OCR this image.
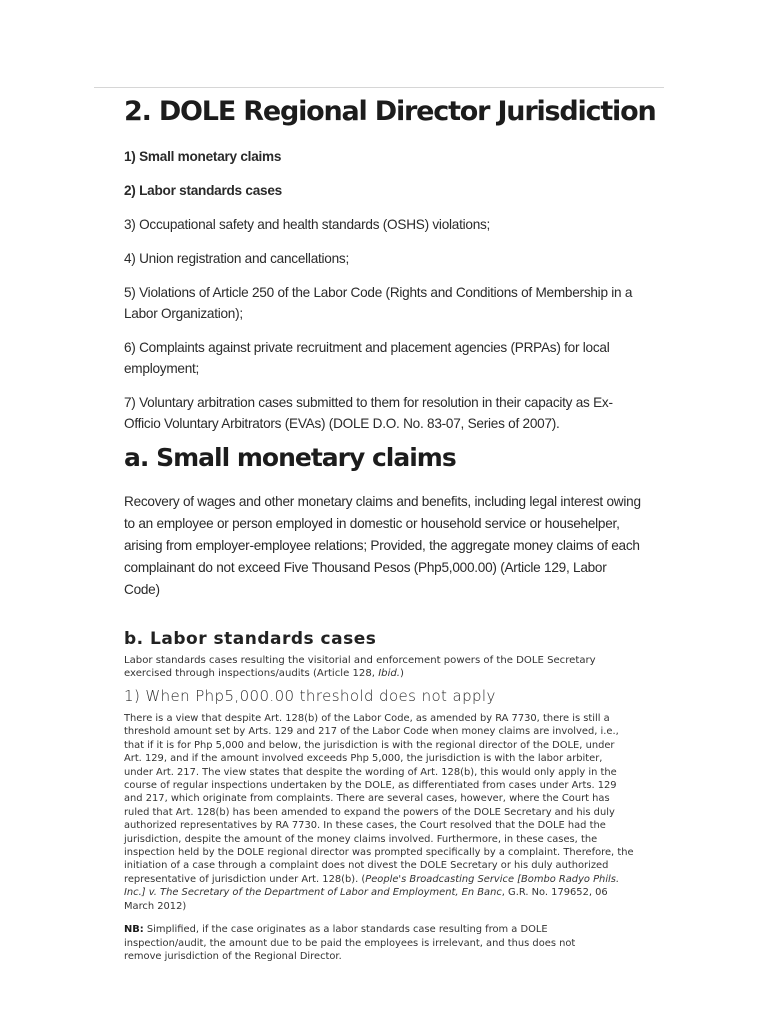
2. DOLE Regional Director Jurisdiction
1) Small monetary claims
2) Labor standards cases
3) Occupational safety and health standards (OSHS) violations;
4) Union registration and cancellations;
5) Violations of Article 250 of the Labor Code (Rights and Conditions of Membership in a Labor Organization);
6) Complaints against private recruitment and placement agencies (PRPAs) for local employment;
7) Voluntary arbitration cases submitted to them for resolution in their capacity as Ex-Officio Voluntary Arbitrators (EVAs) (DOLE D.O. No. 83-07, Series of 2007).
a. Small monetary claims

Recovery of wages and other monetary claims and benefits, including legal interest owing to an employee or person employed in domestic or household service or househelper, arising from employer-employee relations; Provided, the aggregate money claims of each complainant do not exceed Five Thousand Pesos (Php5,000.00) (Article 129, Labor Code)

b. Labor standards cases

Labor standards cases resulting the visitorial and enforcement powers of the DOLE Secretary exercised through inspections/audits (Article 128, Ibid.)

1) When Php5,000.00 threshold does not apply

There is a view that despite Art. 128(b) of the Labor Code, as amended by RA 7730, there is still a threshold amount set by Arts. 129 and 217 of the Labor Code when money claims are involved, i.e., that if it is for Php 5,000 and below, the jurisdiction is with the regional director of the DOLE, under Art. 129, and if the amount involved exceeds Php 5,000, the jurisdiction is with the labor arbiter, under Art. 217. The view states that despite the wording of Art. 128(b), this would only apply in the course of regular inspections undertaken by the DOLE, as differentiated from cases under Arts. 129 and 217, which originate from complaints. There are several cases, however, where the Court has ruled that Art. 128(b) has been amended to expand the powers of the DOLE Secretary and his duly authorized representatives by RA 7730. In these cases, the Court resolved that the DOLE had the jurisdiction, despite the amount of the money claims involved. Furthermore, in these cases, the inspection held by the DOLE regional director was prompted specifically by a complaint. Therefore, the initiation of a case through a complaint does not divest the DOLE Secretary or his duly authorized representative of jurisdiction under Art. 128(b). (People's Broadcasting Service [Bombo Radyo Phils. Inc.] v. The Secretary of the Department of Labor and Employment, En Banc, G.R. No. 179652, 06 March 2012)

NB: Simplified, if the case originates as a labor standards case resulting from a DOLE inspection/audit, the amount due to be paid the employees is irrelevant, and thus does not remove jurisdiction of the Regional Director.
